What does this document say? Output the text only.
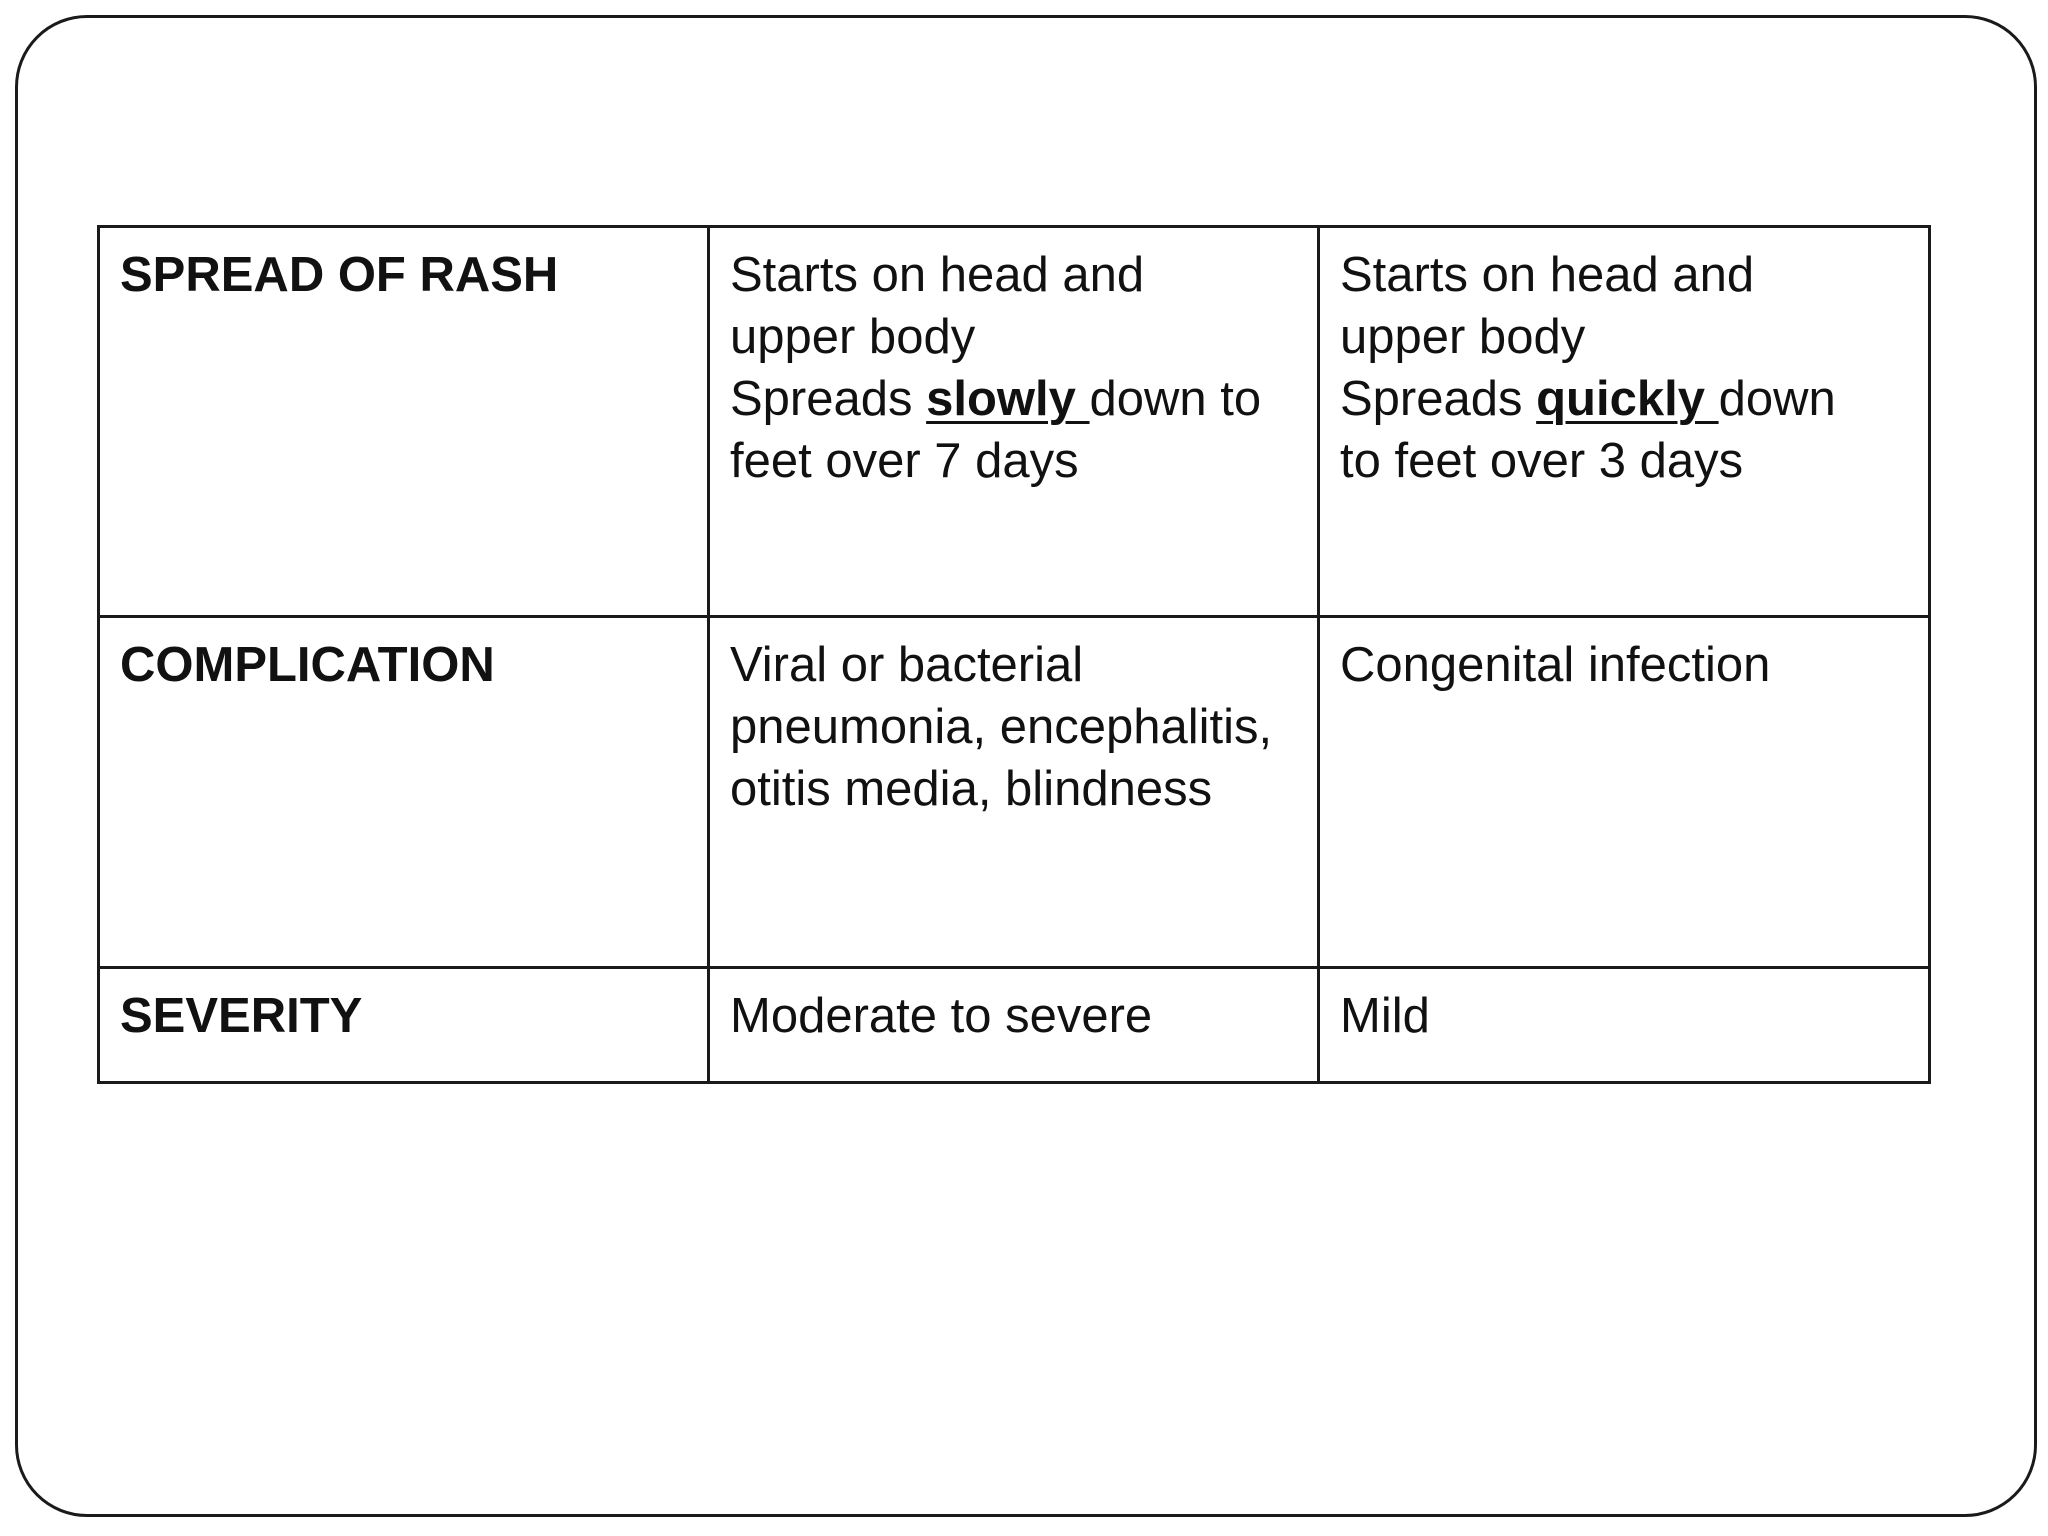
SPREAD OF RASH	Starts on head and
upper body
Spreads slowly down to
feet over 7 days	Starts on head and
upper body
Spreads quickly down
to feet over 3 days

COMPLICATION	Viral or bacterial
pneumonia, encephalitis,
otitis media, blindness	Congenital infection

SEVERITY	Moderate to severe	Mild
